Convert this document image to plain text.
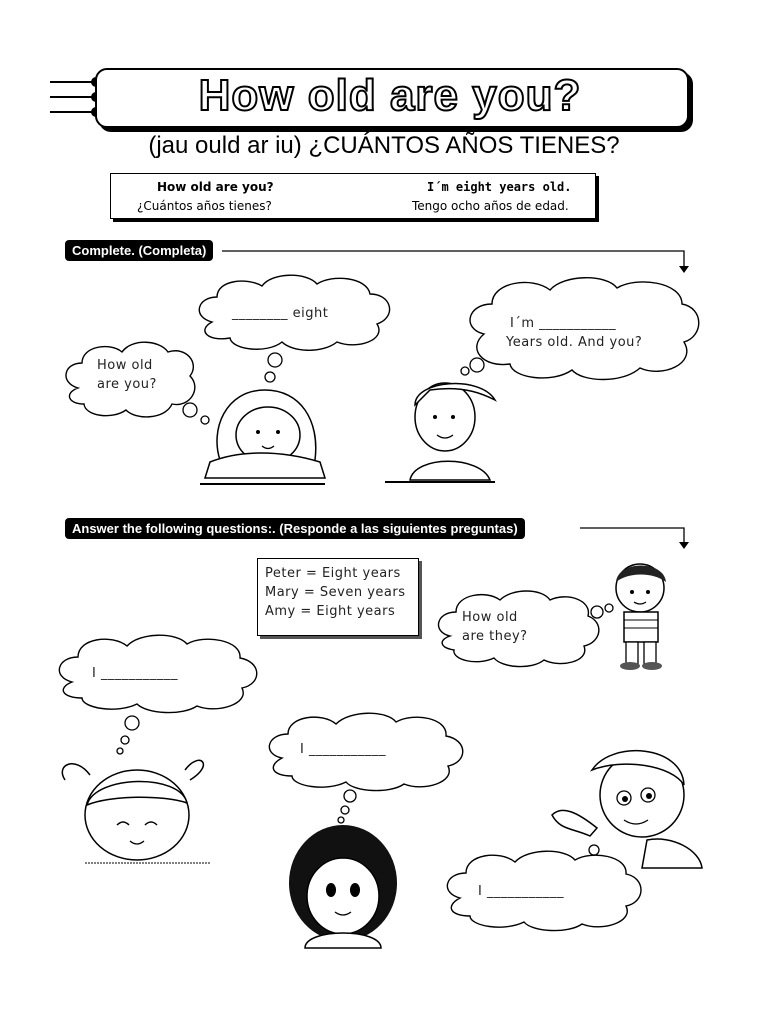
How old are you?
(jau ould ar iu) ¿CUÁNTOS AÑOS TIENES?
How old are you?
¿Cuántos años tienes?
I´m eight years old.
Tengo ocho años de edad.
Complete. (Completa)
________ eight
How old
are you?
I´m ___________
Years old. And you?
Answer the following questions:. (Responde a las siguientes preguntas)
Peter = Eight years
Mary = Seven years
Amy = Eight years	How old
are they?
I ___________
I ___________
I ___________
